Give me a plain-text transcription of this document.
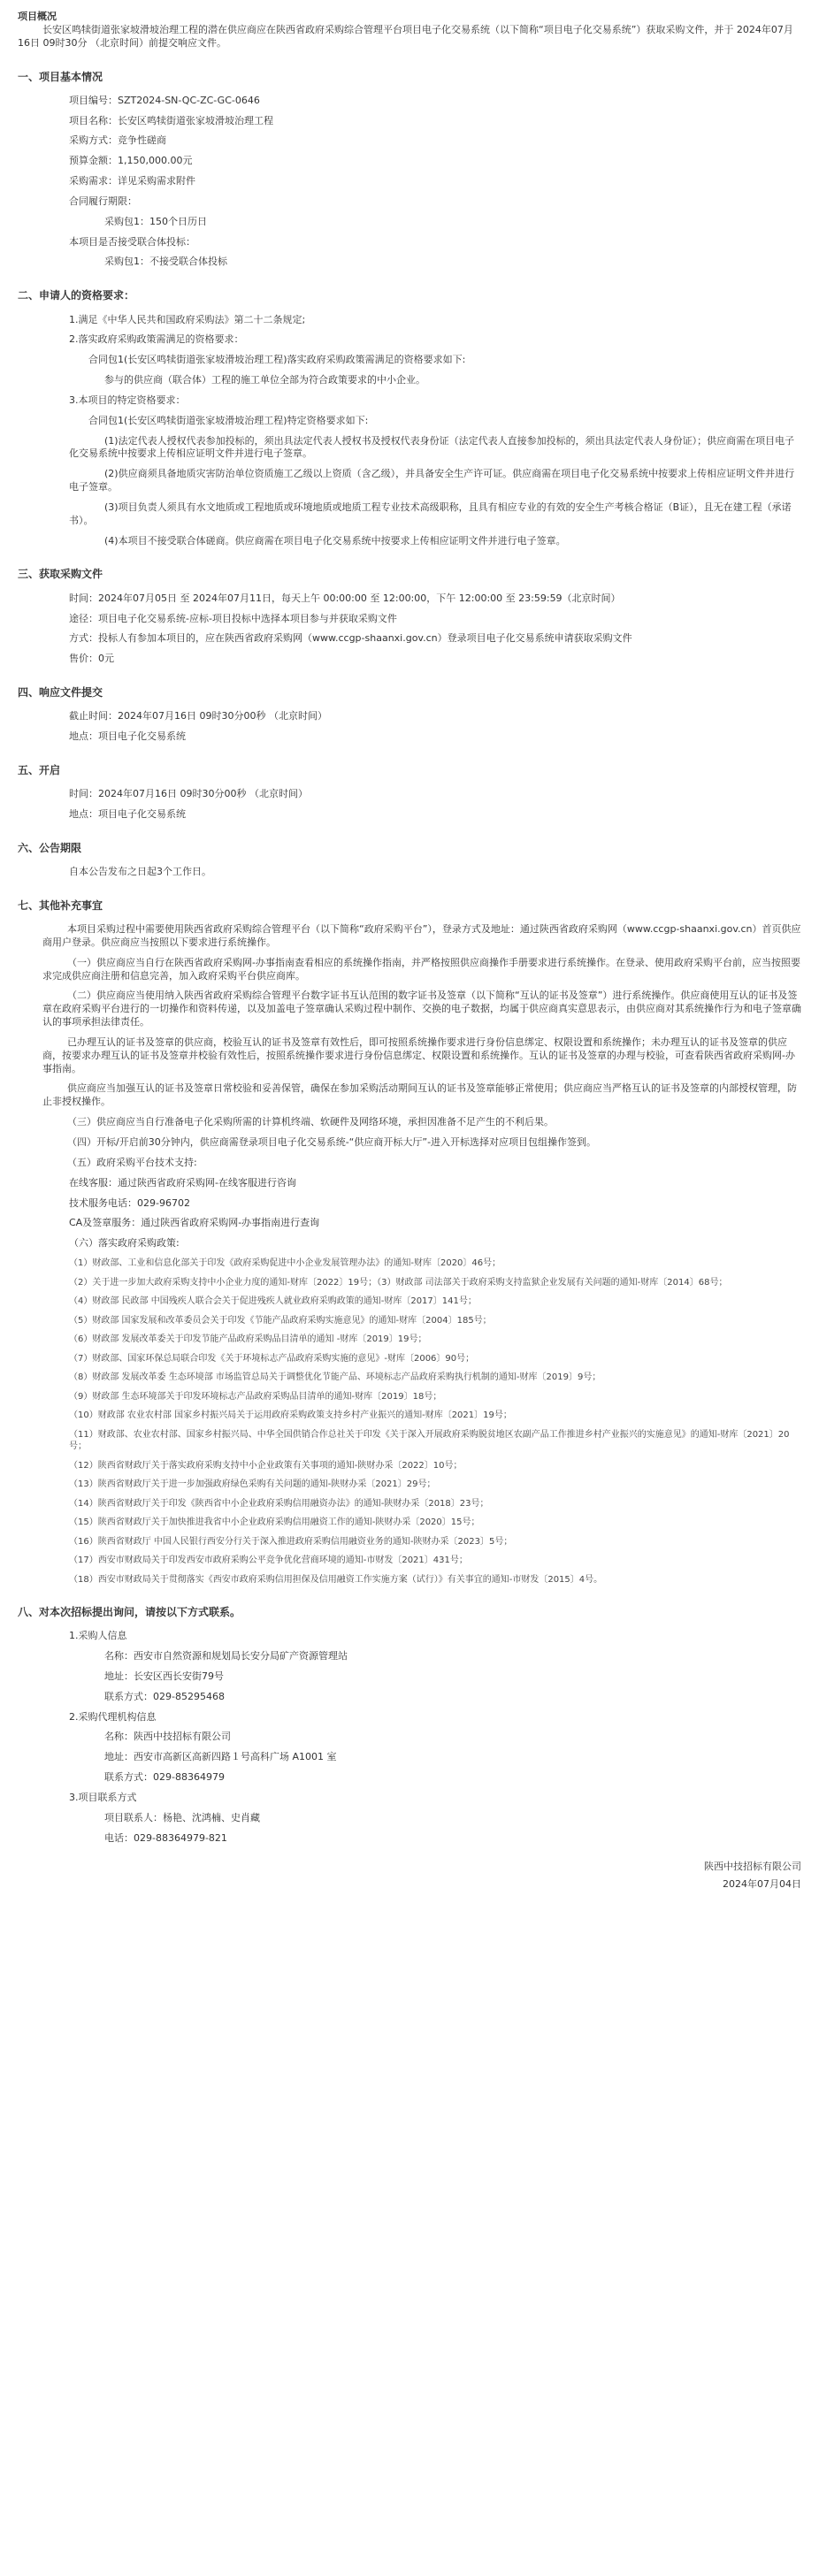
项目概况

长安区鸣犊街道张家坡滑坡治理工程的潜在供应商应在陕西省政府采购综合管理平台项目电子化交易系统（以下简称“项目电子化交易系统”）获取采购文件，并于 2024年07月16日 09时30分 （北京时间）前提交响应文件。

一、项目基本情况
项目编号：SZT2024-SN-QC-ZC-GC-0646
项目名称：长安区鸣犊街道张家坡滑坡治理工程
采购方式：竞争性磋商
预算金额：1,150,000.00元
采购需求：详见采购需求附件
合同履行期限：
采购包1：150个日历日
本项目是否接受联合体投标：
采购包1：不接受联合体投标
二、申请人的资格要求：
1.满足《中华人民共和国政府采购法》第二十二条规定;
2.落实政府采购政策需满足的资格要求：
合同包1(长安区鸣犊街道张家坡滑坡治理工程)落实政府采购政策需满足的资格要求如下:
参与的供应商（联合体）工程的施工单位全部为符合政策要求的中小企业。
3.本项目的特定资格要求：
合同包1(长安区鸣犊街道张家坡滑坡治理工程)特定资格要求如下:
(1)法定代表人授权代表参加投标的，须出具法定代表人授权书及授权代表身份证（法定代表人直接参加投标的，须出具法定代表人身份证）；供应商需在项目电子化交易系统中按要求上传相应证明文件并进行电子签章。
(2)供应商须具备地质灾害防治单位资质施工乙级以上资质（含乙级），并具备安全生产许可证。供应商需在项目电子化交易系统中按要求上传相应证明文件并进行电子签章。
(3)项目负责人须具有水文地质或工程地质或环境地质或地质工程专业技术高级职称，且具有相应专业的有效的安全生产考核合格证（B证），且无在建工程（承诺书）。
(4)本项目不接受联合体磋商。供应商需在项目电子化交易系统中按要求上传相应证明文件并进行电子签章。
三、获取采购文件
时间：2024年07月05日 至 2024年07月11日，每天上午 00:00:00 至 12:00:00，下午 12:00:00 至 23:59:59（北京时间）
途径：项目电子化交易系统-应标-项目投标中选择本项目参与并获取采购文件
方式：投标人有参加本项目的，应在陕西省政府采购网（www.ccgp-shaanxi.gov.cn）登录项目电子化交易系统申请获取采购文件
售价：0元
四、响应文件提交
截止时间：2024年07月16日 09时30分00秒 （北京时间）
地点：项目电子化交易系统
五、开启
时间：2024年07月16日 09时30分00秒 （北京时间）
地点：项目电子化交易系统
六、公告期限
自本公告发布之日起3个工作日。
七、其他补充事宜
本项目采购过程中需要使用陕西省政府采购综合管理平台（以下简称“政府采购平台”），登录方式及地址：通过陕西省政府采购网（www.ccgp-shaanxi.gov.cn）首页供应商用户登录。供应商应当按照以下要求进行系统操作。
（一）供应商应当自行在陕西省政府采购网-办事指南查看相应的系统操作指南，并严格按照供应商操作手册要求进行系统操作。在登录、使用政府采购平台前，应当按照要求完成供应商注册和信息完善，加入政府采购平台供应商库。
（二）供应商应当使用纳入陕西省政府采购综合管理平台数字证书互认范围的数字证书及签章（以下简称“互认的证书及签章”）进行系统操作。供应商使用互认的证书及签章在政府采购平台进行的一切操作和资料传递，以及加盖电子签章确认采购过程中制作、交换的电子数据，均属于供应商真实意思表示，由供应商对其系统操作行为和电子签章确认的事项承担法律责任。
已办理互认的证书及签章的供应商，校验互认的证书及签章有效性后，即可按照系统操作要求进行身份信息绑定、权限设置和系统操作；未办理互认的证书及签章的供应商，按要求办理互认的证书及签章并校验有效性后，按照系统操作要求进行身份信息绑定、权限设置和系统操作。互认的证书及签章的办理与校验，可查看陕西省政府采购网-办事指南。
供应商应当加强互认的证书及签章日常校验和妥善保管，确保在参加采购活动期间互认的证书及签章能够正常使用；供应商应当严格互认的证书及签章的内部授权管理，防止非授权操作。
（三）供应商应当自行准备电子化采购所需的计算机终端、软硬件及网络环境，承担因准备不足产生的不利后果。
（四）开标/开启前30分钟内，供应商需登录项目电子化交易系统-“供应商开标大厅”-进入开标选择对应项目包组操作签到。
（五）政府采购平台技术支持:
在线客服：通过陕西省政府采购网-在线客服进行咨询
技术服务电话：029-96702
CA及签章服务：通过陕西省政府采购网-办事指南进行查询
（六）落实政府采购政策:
（1）财政部、工业和信息化部关于印发《政府采购促进中小企业发展管理办法》的通知-财库〔2020〕46号；
（2）关于进一步加大政府采购支持中小企业力度的通知-财库〔2022〕19号；（3）财政部 司法部关于政府采购支持监狱企业发展有关问题的通知-财库〔2014〕68号；
（4）财政部 民政部 中国残疾人联合会关于促进残疾人就业政府采购政策的通知-财库〔2017〕141号；
（5）财政部 国家发展和改革委员会关于印发《节能产品政府采购实施意见》的通知-财库〔2004〕185号；
（6）财政部 发展改革委关于印发节能产品政府采购品目清单的通知 -财库〔2019〕19号；
（7）财政部、国家环保总局联合印发《关于环境标志产品政府采购实施的意见》-财库〔2006〕90号；
（8）财政部 发展改革委 生态环境部 市场监管总局关于调整优化节能产品、环境标志产品政府采购执行机制的通知-财库〔2019〕9号；
（9）财政部 生态环境部关于印发环境标志产品政府采购品目清单的通知-财库〔2019〕18号；
（10）财政部 农业农村部 国家乡村振兴局关于运用政府采购政策支持乡村产业振兴的通知-财库〔2021〕19号；
（11）财政部、农业农村部、国家乡村振兴局、中华全国供销合作总社关于印发《关于深入开展政府采购脱贫地区农副产品工作推进乡村产业振兴的实施意见》的通知-财库〔2021〕20号；
（12）陕西省财政厅关于落实政府采购支持中小企业政策有关事项的通知-陕财办采〔2022〕10号；
（13）陕西省财政厅关于进一步加强政府绿色采购有关问题的通知-陕财办采〔2021〕29号；
（14）陕西省财政厅关于印发《陕西省中小企业政府采购信用融资办法》的通知-陕财办采〔2018〕23号；
（15）陕西省财政厅关于加快推进我省中小企业政府采购信用融资工作的通知-陕财办采〔2020〕15号；
（16）陕西省财政厅 中国人民银行西安分行关于深入推进政府采购信用融资业务的通知-陕财办采〔2023〕5号；
（17）西安市财政局关于印发西安市政府采购公平竞争优化营商环境的通知-市财发〔2021〕431号；
（18）西安市财政局关于贯彻落实《西安市政府采购信用担保及信用融资工作实施方案（试行）》有关事宜的通知-市财发〔2015〕4号。
八、对本次招标提出询问，请按以下方式联系。
1.采购人信息
名称：西安市自然资源和规划局长安分局矿产资源管理站
地址：长安区西长安街79号
联系方式：029-85295468
2.采购代理机构信息
名称：陕西中技招标有限公司
地址：西安市高新区高新四路１号高科广场 A1001 室
联系方式：029-88364979
3.项目联系方式
项目联系人：杨艳、沈鸿楠、史肖藏
电话：029-88364979-821
陕西中技招标有限公司
2024年07月04日
